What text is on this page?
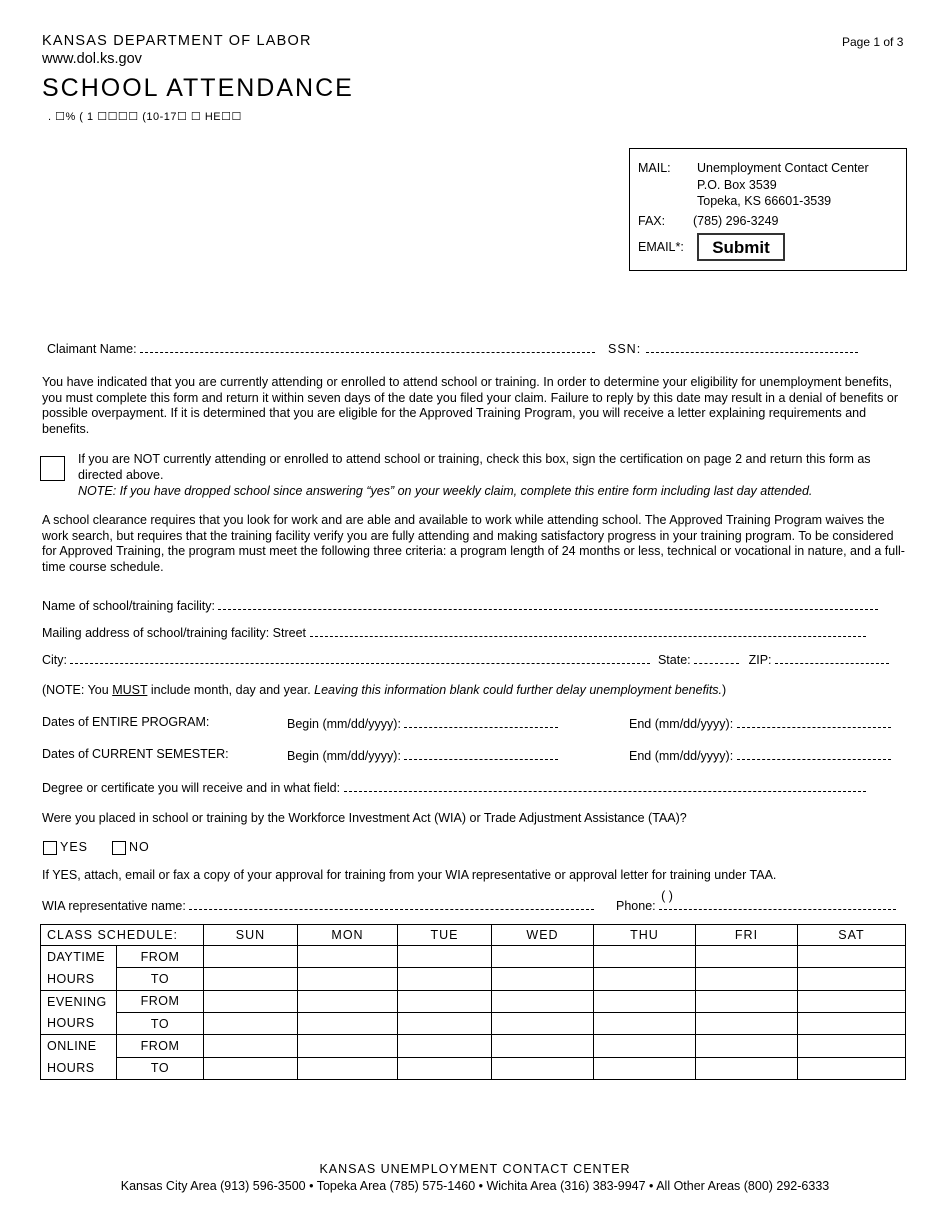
KANSAS DEPARTMENT OF LABOR
www.dol.ks.gov
Page 1 of 3
SCHOOL ATTENDANCE
. ☐% ( 1 ☐☐☐☐ (10-17☐ ☐ HE☐☐
MAIL: Unemployment Contact Center
P.O. Box 3539
Topeka, KS 66601-3539
FAX: (785) 296-3249
EMAIL*:	Submit
Claimant Name:	SSN:
You have indicated that you are currently attending or enrolled to attend school or training. In order to determine your eligibility for unemployment benefits, you must complete this form and return it within seven days of the date you filed your claim. Failure to reply by this date may result in a denial of benefits or possible overpayment. If it is determined that you are eligible for the Approved Training Program, you will receive a letter explaining requirements and benefits.
If you are NOT currently attending or enrolled to attend school or training, check this box, sign the certification on page 2 and return this form as directed above.
NOTE: If you have dropped school since answering “yes” on your weekly claim, complete this entire form including last day attended.
A school clearance requires that you look for work and are able and available to work while attending school. The Approved Training Program waives the work search, but requires that the training facility verify you are fully attending and making satisfactory progress in your training program. To be considered for Approved Training, the program must meet the following three criteria: a program length of 24 months or less, technical or vocational in nature, and a full-time course schedule.
Name of school/training facility:
Mailing address of school/training facility: Street
City:	State:	ZIP:
(NOTE: You MUST include month, day and year. Leaving this information blank could further delay unemployment benefits.)
Dates of ENTIRE PROGRAM:	Begin (mm/dd/yyyy):	End (mm/dd/yyyy):
Dates of CURRENT SEMESTER:	Begin (mm/dd/yyyy):	End (mm/dd/yyyy):
Degree or certificate you will receive and in what field:
Were you placed in school or training by the Workforce Investment Act (WIA) or Trade Adjustment Assistance (TAA)?
YES	NO
If YES, attach, email or fax a copy of your approval for training from your WIA representative or approval letter for training under TAA.
WIA representative name:	Phone:
( )
CLASS SCHEDULE:		SUN	MON	TUE	WED	THU	FRI	SAT
DAYTIME	FROM							
HOURS	TO							
EVENING	FROM							
HOURS	TO							
ONLINE	FROM							
HOURS	TO							
KANSAS UNEMPLOYMENT CONTACT CENTER
Kansas City Area (913) 596-3500 • Topeka Area (785) 575-1460 • Wichita Area (316) 383-9947 • All Other Areas (800) 292-6333
